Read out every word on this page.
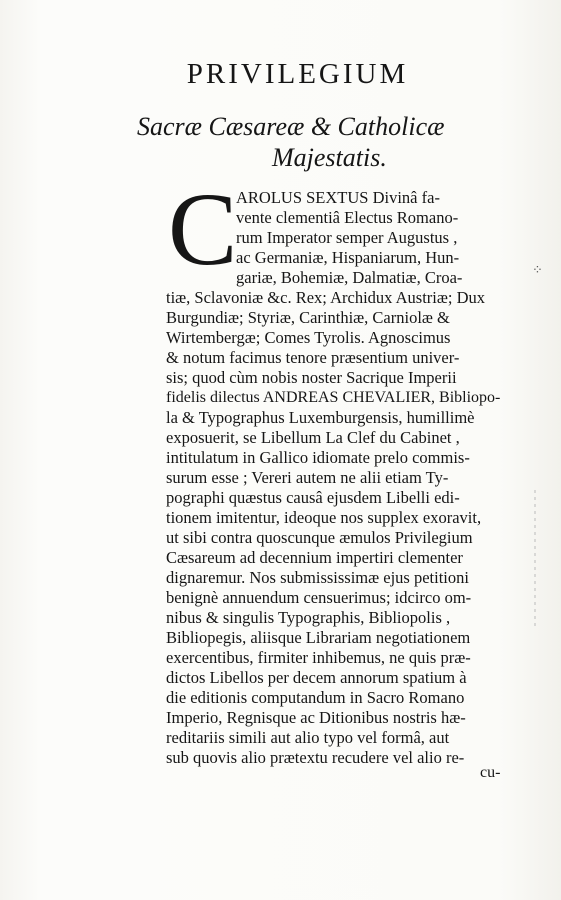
PRIVILEGIUM
Sacræ Cæsareæ & Catholicæ
Majestatis.
C
AROLUS SEXTUS Divinâ fa-
vente clementiâ Electus Romano-
rum Imperator semper Augustus ,
ac Germaniæ, Hispaniarum, Hun-
gariæ, Bohemiæ, Dalmatiæ, Croa-
tiæ, Sclavoniæ &c. Rex; Archidux Austriæ; Dux
Burgundiæ; Styriæ, Carinthiæ, Carniolæ &
Wirtembergæ; Comes Tyrolis. Agnoscimus
& notum facimus tenore præsentium univer-
sis; quod cùm nobis noster Sacrique Imperii
fidelis dilectus ANDREAS CHEVALIER, Bibliopo-
la & Typographus Luxemburgensis, humillimè
exposuerit, se Libellum La Clef du Cabinet ,
intitulatum in Gallico idiomate prelo commis-
surum esse ; Vereri autem ne alii etiam Ty-
pographi quæstus causâ ejusdem Libelli edi-
tionem imitentur, ideoque nos supplex exoravit,
ut sibi contra quoscunque æmulos Privilegium
Cæsareum ad decennium impertiri clementer
dignaremur. Nos submississimæ ejus petitioni
benignè annuendum censuerimus; idcirco om-
nibus & singulis Typographis, Bibliopolis ,
Bibliopegis, aliisque Librariam negotiationem
exercentibus, firmiter inhibemus, ne quis præ-
dictos Libellos per decem annorum spatium à
die editionis computandum in Sacro Romano
Imperio, Regnisque ac Ditionibus nostris hæ-
reditariis simili aut alio typo vel formâ, aut
sub quovis alio prætextu recudere vel alio re-
cu-
⁘
